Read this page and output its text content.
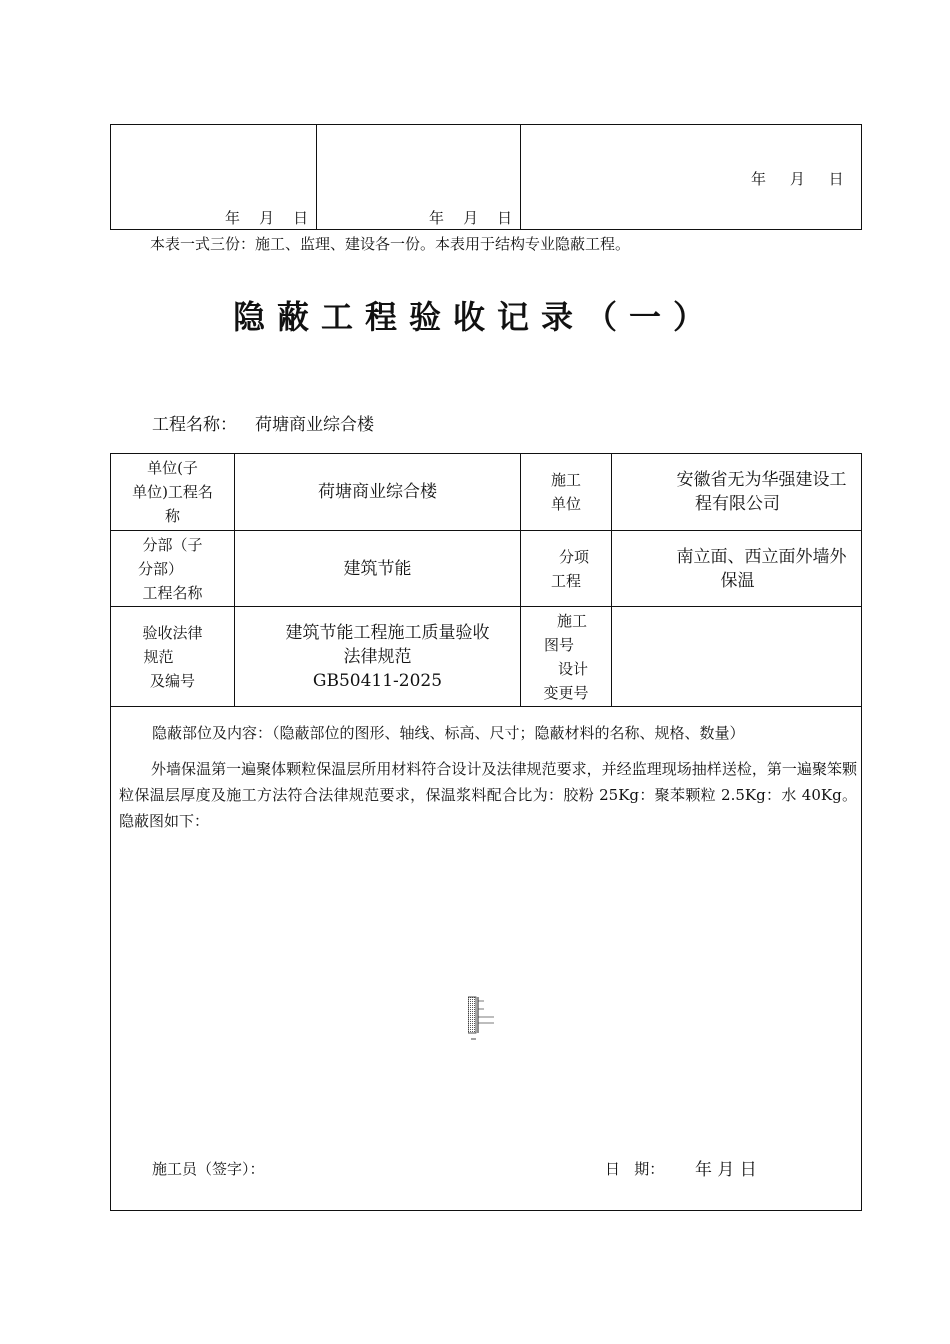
年    月    日	年    月    日
年     月     日
本表一式三份：施工、监理、建设各一份。本表用于结构专业隐蔽工程。
隐蔽工程验收记录（一）
工程名称： 荷塘商业综合楼
单位(子
单位)工程名
称
荷塘商业综合楼
施工
单位
安徽省无为华强建设工
程有限公司
分部（子
分部）
工程名称
建筑节能
分项
工程
南立面、西立面外墙外
保温
验收法律
规范
及编号
建筑节能工程施工质量验收
法律规范
GB50411-2025
施工
图号
设计
变更号
隐蔽部位及内容：（隐蔽部位的图形、轴线、标高、尺寸；隐蔽材料的名称、规格、数量）
外墙保温第一遍聚体颗粒保温层所用材料符合设计及法律规范要求，并经监理现场抽样送检，第一遍聚笨颗粒保温层厚度及施工方法符合法律规范要求，保温浆料配合比为：胶粉 25Kg：聚苯颗粒 2.5Kg：水 40Kg。隐蔽图如下：
施工员（签字）：	日   期： 年 月 日
